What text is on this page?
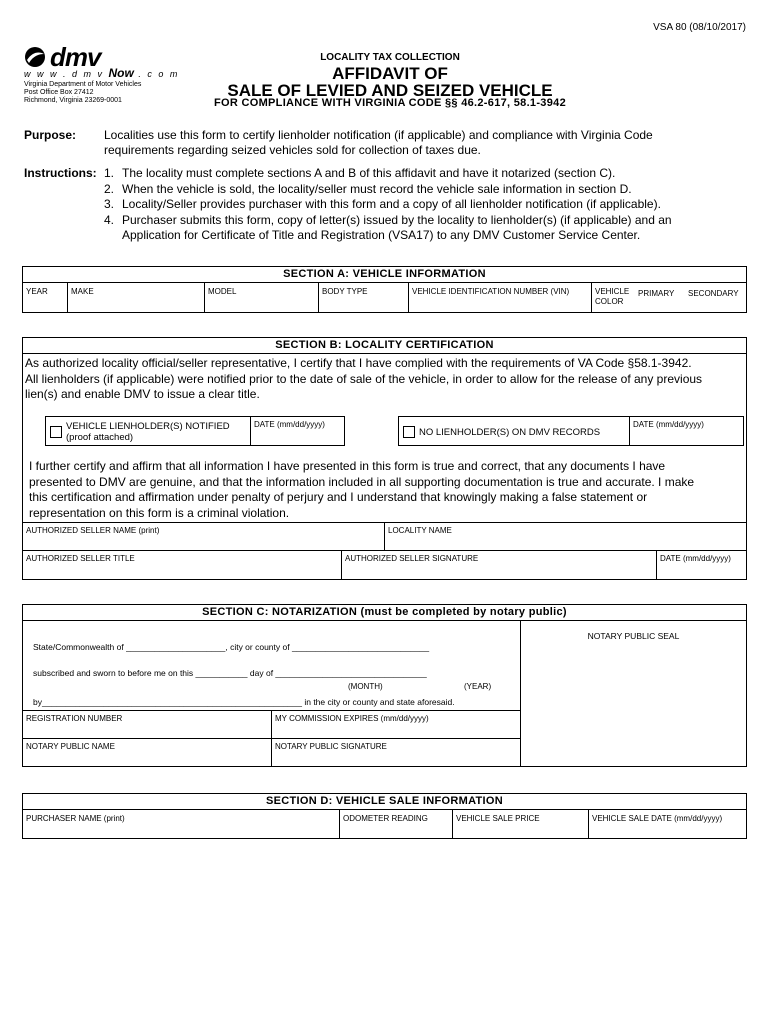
VSA 80 (08/10/2017)
dmv
w w w . d m v Now . c o m
Virginia Department of Motor Vehicles
Post Office Box 27412
Richmond, Virginia 23269-0001
LOCALITY TAX COLLECTION
AFFIDAVIT OF
SALE OF LEVIED AND SEIZED VEHICLE
FOR COMPLIANCE WITH VIRGINIA CODE §§ 46.2-617, 58.1-3942
Purpose: Localities use this form to certify lienholder notification (if applicable) and compliance with Virginia Code
requirements regarding seized vehicles sold for collection of taxes due.
Instructions: 1. The locality must complete sections A and B of this affidavit and have it notarized (section C).
2. When the vehicle is sold, the locality/seller must record the vehicle sale information in section D.
3. Locality/Seller provides purchaser with this form and a copy of all lienholder notification (if applicable).
4. Purchaser submits this form, copy of letter(s) issued by the locality to lienholder(s) (if applicable) and an
Application for Certificate of Title and Registration (VSA17) to any DMV Customer Service Center.
SECTION A: VEHICLE INFORMATION
YEAR	MAKE	MODEL	BODY TYPE	VEHICLE IDENTIFICATION NUMBER (VIN)	VEHICLE
COLOR
PRIMARY	SECONDARY
SECTION B: LOCALITY CERTIFICATION
As authorized locality official/seller representative, I certify that I have complied with the requirements of VA Code §58.1-3942.
All lienholders (if applicable) were notified prior to the date of sale of the vehicle, in order to allow for the release of any previous
lien(s) and enable DMV to issue a clear title.
VEHICLE LIENHOLDER(S) NOTIFIED
(proof attached)
DATE (mm/dd/yyyy)
NO LIENHOLDER(S) ON DMV RECORDS
DATE (mm/dd/yyyy)
I further certify and affirm that all information I have presented in this form is true and correct, that any documents I have
presented to DMV are genuine, and that the information included in all supporting documentation is true and accurate. I make
this certification and affirmation under penalty of perjury and I understand that knowingly making a false statement or
representation on this form is a criminal violation.
AUTHORIZED SELLER NAME (print)	LOCALITY NAME
AUTHORIZED SELLER TITLE	AUTHORIZED SELLER SIGNATURE	DATE (mm/dd/yyyy)
SECTION C: NOTARIZATION (must be completed by notary public)
NOTARY PUBLIC SEAL
State/Commonwealth of _____________________, city or county of _____________________________
subscribed and sworn to before me on this ___________ day of ________________________________
(MONTH)	(YEAR)
by_______________________________________________________ in the city or county and state aforesaid.
REGISTRATION NUMBER	MY COMMISSION EXPIRES (mm/dd/yyyy)
NOTARY PUBLIC NAME	NOTARY PUBLIC SIGNATURE
SECTION D: VEHICLE SALE INFORMATION
PURCHASER NAME (print)	ODOMETER READING	VEHICLE SALE PRICE	VEHICLE SALE DATE (mm/dd/yyyy)
